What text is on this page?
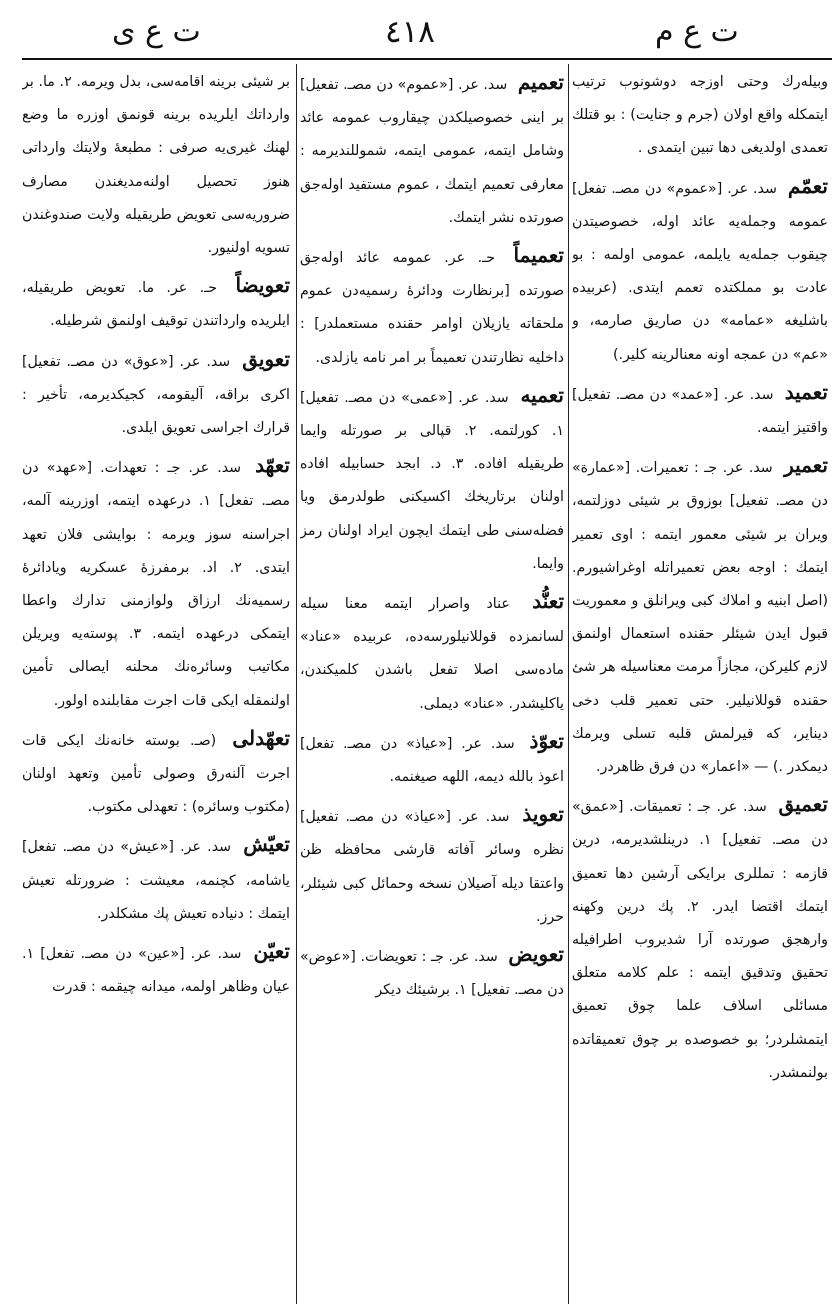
ت ع ى	٤١٨	ت ع م
وبيله‌رك وحتى اوزجه دوشونوب ترتيب ايتمكله واقع اولان (جرم و جنايت) : بو قتلك تعمدى اولديغى دها تبين ايتمدى .
تعمّم سد. عر. [«عموم» دن مصـ. تفعل] عمومه وجمله‌يه عائد اوله، خصوصيتدن چيقوب جمله‌يه يايلمه، عمومى اولمه : بو عادت بو مملكتده تعمم ايتدى. (عربيده باشليغه «عمامه» دن صاريق صارمه، و «عم» دن عمجه اونه معنالرينه كلير.)
تعميد سد. عر. [«عمد» دن مصـ. تفعيل] واقتيز ايتمه.
تعمير سد. عر. جـ : تعميرات. [«عمارة» دن مصـ. تفعيل] بوزوق بر شيئى دوزلتمه، ويران بر شيئى معمور ايتمه : اوى تعمير ايتمك : اوجه بعض تعميراتله اوغراشيورم. (اصل ابنيه و املاك كبى ويرانلق و معموريت قبول ايدن شيئلر حقنده استعمال اولنمق لازم كليركن، مجازاً مرمت معناسيله هر شئ حقنده قوللانيلير. حتى تعمير قلب دخى ديناير، كه قيرلمش قلبه تسلى ويرمك ديمكدر .) — «اعمار» دن فرق ظاهردر.
تعميق سد. عر. جـ : تعميقات. [«عمق» دن مصـ. تفعيل] ١. درينلشديرمه، درين قازمه : تمللرى برايكى آرشين دها تعميق ايتمك اقتضا ايدر. ٢. پك درين وكهنه وارهجق صورتده آرا شديروب اطرافيله تحقيق وتدقيق ايتمه : علم كلامه متعلق مسائلى اسلاف علما چوق تعميق ايتمشلردر؛ بو خصوصده بر چوق تعميقاتده بولنمشدر.
تعميم سد. عر. [«عموم» دن مصـ. تفعيل] بر اينى خصوصيلكدن چيقاروب عمومه عائد وشامل ايتمه، عمومى ايتمه، شموللنديرمه : معارفى تعميم ايتمك ، عموم مستفيد اوله‌جق صورتده نشر ايتمك.
تعميماً حـ. عر. عمومه عائد اوله‌جق صورتده [برنظارت ودائرهٔ رسميه‌دن عموم ملحقاته يازيلان اوامر حقنده مستعملدر] : داخليه نظارتندن تعميماً بر امر نامه يازلدى.
تعميه سد. عر. [«عمى» دن مصـ. تفعيل] ١. كورلتمه. ٢. قپالى بر صورتله وايما طريقيله افاده. ٣. د. ابجد حسابيله افاده اولنان برتاريخك اكسيكنى طولدرمق ويا فضله‌سنى طى ايتمك ايچون ايراد اولنان رمز وايما.
تعنُّد عناد واصرار ايتمه معنا سيله لسانمزده قوللانيلورسه‌ده، عربيده «عناد» ماده‌سى اصلا تفعل باشدن كلميكندن، ياكليشدر. «عناد» ديملى.
تعوّذ سد. عر. [«عياذ» دن مصـ. تفعل] اعوذ بالله ديمه، اللهه صيغنمه.
تعويذ سد. عر. [«عياذ» دن مصـ. تفعيل] نظره وسائر آفاته قارشى محافظه ظن واعتقا ديله آصيلان نسخه وحمائل كبى شيئلر، حرز.
تعويض سد. عر. جـ : تعويضات. [«عوض» دن مصـ. تفعيل] ١. برشيئك ديكر
بر شيئى برينه اقامه‌سى، بدل ويرمه. ٢. ما. بر وارداتك ايلريده برينه قونمق اوزره ما وضع لهنك غيرى‌يه صرفى : مطبعهٔ ولايتك وارداتى هنوز تحصيل اولنه‌مديغندن مصارف ضروريه‌سى تعويض طريقيله ولايت صندوغندن تسويه اولنيور.
تعويضاً حـ. عر. ما. تعويض طريقيله، ايلريده وارداتندن توقيف اولنمق شرطيله.
تعويق سد. عر. [«عوق» دن مصـ. تفعيل] اكرى براقه، آليقومه، كجيكديرمه، تأخير : قرارك اجراسى تعويق ايلدى.
تعهّد سد. عر. جـ : تعهدات. [«عهد» دن مصـ. تفعل] ١. درعهده ايتمه، اوزرينه آلمه، اجراسنه سوز ويرمه : بوايشى فلان تعهد ايتدى. ٢. اد. برمفرزهٔ عسكريه ويادائرهٔ رسميه‌نك ارزاق ولوازمنى تدارك واعطا ايتمكى درعهده ايتمه. ٣. پوسته‌يه ويريلن مكاتيب وسائره‌نك محلنه ايصالى تأمين اولنمقله ايكى قات اجرت مقابلنده اولور.
تعهّدلى (صـ. بوسته خانه‌نك ايكى قات اجرت آلنه‌رق وصولى تأمين وتعهد اولنان (مكتوب وسائره) : تعهدلى مكتوب.
تعيّش سد. عر. [«عيش» دن مصـ. تفعل] ياشامه، كچنمه، معيشت : ضرورتله تعيش ايتمك : دنياده تعيش پك مشكلدر.
تعيّن سد. عر. [«عين» دن مصـ. تفعل] ١. عيان وظاهر اولمه، ميدانه چيقمه : قدرت
